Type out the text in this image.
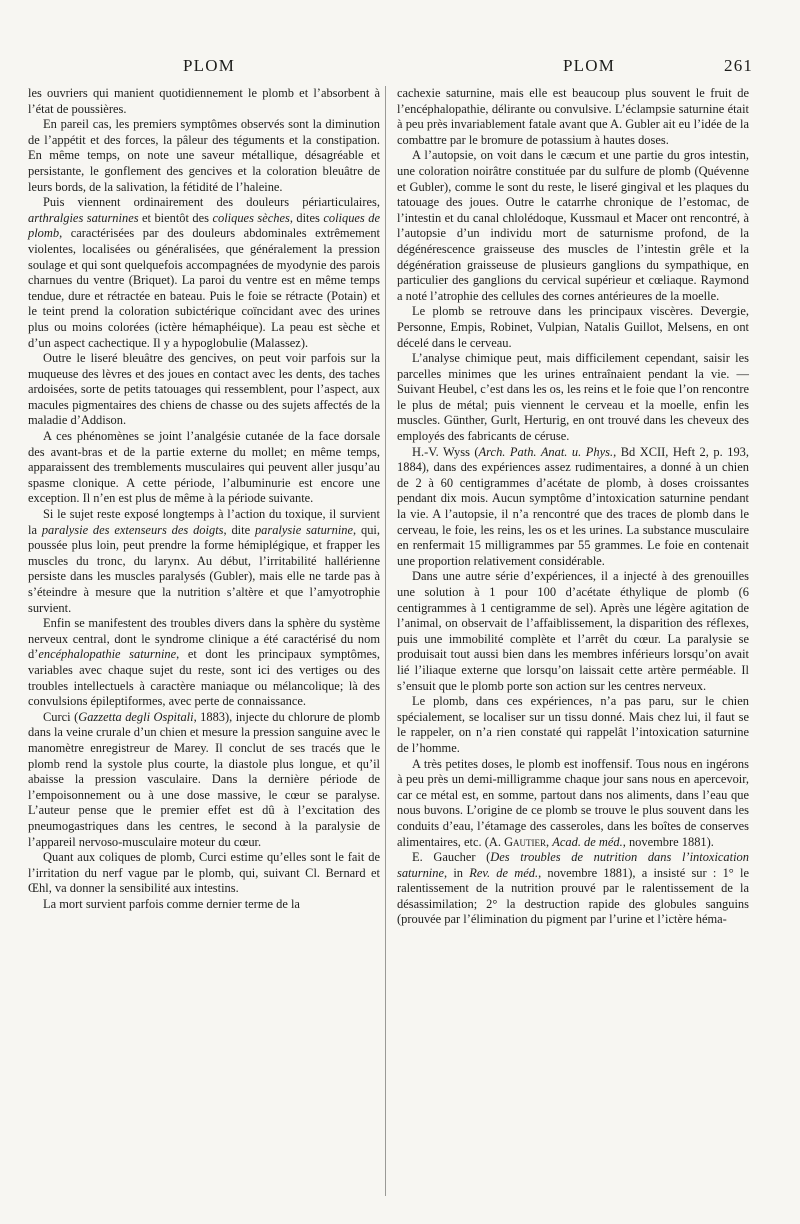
PLOM	PLOM	261

les ouvriers qui manient quotidiennement le plomb et l’absorbent à l’état de poussières.

En pareil cas, les premiers symptômes observés sont la diminution de l’appétit et des forces, la pâleur des téguments et la constipation. En même temps, on note une saveur métallique, désagréable et persistante, le gonflement des gencives et la coloration bleuâtre de leurs bords, de la salivation, la fétidité de l’haleine.

Puis viennent ordinairement des douleurs périarticulaires, arthralgies saturnines et bientôt des coliques sèches, dites coliques de plomb, caractérisées par des douleurs abdominales extrêmement violentes, localisées ou généralisées, que généralement la pression soulage et qui sont quelquefois accompagnées de myodynie des parois charnues du ventre (Briquet). La paroi du ventre est en même temps tendue, dure et rétractée en bateau. Puis le foie se rétracte (Potain) et le teint prend la coloration subictérique coïncidant avec des urines plus ou moins colorées (ictère hémaphéique). La peau est sèche et d’un aspect cachectique. Il y a hypoglobulie (Malassez).

Outre le liseré bleuâtre des gencives, on peut voir parfois sur la muqueuse des lèvres et des joues en contact avec les dents, des taches ardoisées, sorte de petits tatouages qui ressemblent, pour l’aspect, aux macules pigmentaires des chiens de chasse ou des sujets affectés de la maladie d’Addison.

A ces phénomènes se joint l’analgésie cutanée de la face dorsale des avant-bras et de la partie externe du mollet; en même temps, apparaissent des tremblements musculaires qui peuvent aller jusqu’au spasme clonique. A cette période, l’albuminurie est encore une exception. Il n’en est plus de même à la période suivante.

Si le sujet reste exposé longtemps à l’action du toxique, il survient la paralysie des extenseurs des doigts, dite paralysie saturnine, qui, poussée plus loin, peut prendre la forme hémiplégique, et frapper les muscles du tronc, du larynx. Au début, l’irritabilité hallérienne persiste dans les muscles paralysés (Gubler), mais elle ne tarde pas à s’éteindre à mesure que la nutrition s’altère et que l’amyotrophie survient.

Enfin se manifestent des troubles divers dans la sphère du système nerveux central, dont le syndrome clinique a été caractérisé du nom d’encéphalopathie saturnine, et dont les principaux symptômes, variables avec chaque sujet du reste, sont ici des vertiges ou des troubles intellectuels à caractère maniaque ou mélancolique; là des convulsions épileptiformes, avec perte de connaissance.

Curci (Gazzetta degli Ospitali, 1883), injecte du chlorure de plomb dans la veine crurale d’un chien et mesure la pression sanguine avec le manomètre enregistreur de Marey. Il conclut de ses tracés que le plomb rend la systole plus courte, la diastole plus longue, et qu’il abaisse la pression vasculaire. Dans la dernière période de l’empoisonnement ou à une dose massive, le cœur se paralyse. L’auteur pense que le premier effet est dû à l’excitation des pneumogastriques dans les centres, le second à la paralysie de l’appareil nervoso-musculaire moteur du cœur.

Quant aux coliques de plomb, Curci estime qu’elles sont le fait de l’irritation du nerf vague par le plomb, qui, suivant Cl. Bernard et Œhl, va donner la sensibilité aux intestins.

La mort survient parfois comme dernier terme de la

cachexie saturnine, mais elle est beaucoup plus souvent le fruit de l’encéphalopathie, délirante ou convulsive. L’éclampsie saturnine était à peu près invariablement fatale avant que A. Gubler ait eu l’idée de la combattre par le bromure de potassium à hautes doses.

A l’autopsie, on voit dans le cæcum et une partie du gros intestin, une coloration noirâtre constituée par du sulfure de plomb (Quévenne et Gubler), comme le sont du reste, le liseré gingival et les plaques du tatouage des joues. Outre le catarrhe chronique de l’estomac, de l’intestin et du canal chlolédoque, Kussmaul et Macer ont rencontré, à l’autopsie d’un individu mort de saturnisme profond, de la dégénérescence graisseuse des muscles de l’intestin grêle et la dégénération graisseuse de plusieurs ganglions du sympathique, en particulier des ganglions du cervical supérieur et cœliaque. Raymond a noté l’atrophie des cellules des cornes antérieures de la moelle.

Le plomb se retrouve dans les principaux viscères. Devergie, Personne, Empis, Robinet, Vulpian, Natalis Guillot, Melsens, en ont décelé dans le cerveau.

L’analyse chimique peut, mais difficilement cependant, saisir les parcelles minimes que les urines entraînaient pendant la vie. — Suivant Heubel, c’est dans les os, les reins et le foie que l’on rencontre le plus de métal; puis viennent le cerveau et la moelle, enfin les muscles. Günther, Gurlt, Herturig, en ont trouvé dans les cheveux des employés des fabricants de céruse.

H.-V. Wyss (Arch. Path. Anat. u. Phys., Bd XCII, Heft 2, p. 193, 1884), dans des expériences assez rudimentaires, a donné à un chien de 2 à 60 centigrammes d’acétate de plomb, à doses croissantes pendant dix mois. Aucun symptôme d’intoxication saturnine pendant la vie. A l’autopsie, il n’a rencontré que des traces de plomb dans le cerveau, le foie, les reins, les os et les urines. La substance musculaire en renfermait 15 milligrammes par 55 grammes. Le foie en contenait une proportion relativement considérable.

Dans une autre série d’expériences, il a injecté à des grenouilles une solution à 1 pour 100 d’acétate éthylique de plomb (6 centigrammes à 1 centigramme de sel). Après une légère agitation de l’animal, on observait de l’affaiblissement, la disparition des réflexes, puis une immobilité complète et l’arrêt du cœur. La paralysie se produisait tout aussi bien dans les membres inférieurs lorsqu’on avait lié l’iliaque externe que lorsqu’on laissait cette artère perméable. Il s’ensuit que le plomb porte son action sur les centres nerveux.

Le plomb, dans ces expériences, n’a pas paru, sur le chien spécialement, se localiser sur un tissu donné. Mais chez lui, il faut se le rappeler, on n’a rien constaté qui rappelât l’intoxication saturnine de l’homme.

A très petites doses, le plomb est inoffensif. Tous nous en ingérons à peu près un demi-milligramme chaque jour sans nous en apercevoir, car ce métal est, en somme, partout dans nos aliments, dans l’eau que nous buvons. L’origine de ce plomb se trouve le plus souvent dans les conduits d’eau, l’étamage des casseroles, dans les boîtes de conserves alimentaires, etc. (A. Gautier, Acad. de méd., novembre 1881).

E. Gaucher (Des troubles de nutrition dans l’intoxication saturnine, in Rev. de méd., novembre 1881), a insisté sur : 1° le ralentissement de la nutrition prouvé par le ralentissement de la désassimilation; 2° la destruction rapide des globules sanguins (prouvée par l’élimination du pigment par l’urine et l’ictère héma-
